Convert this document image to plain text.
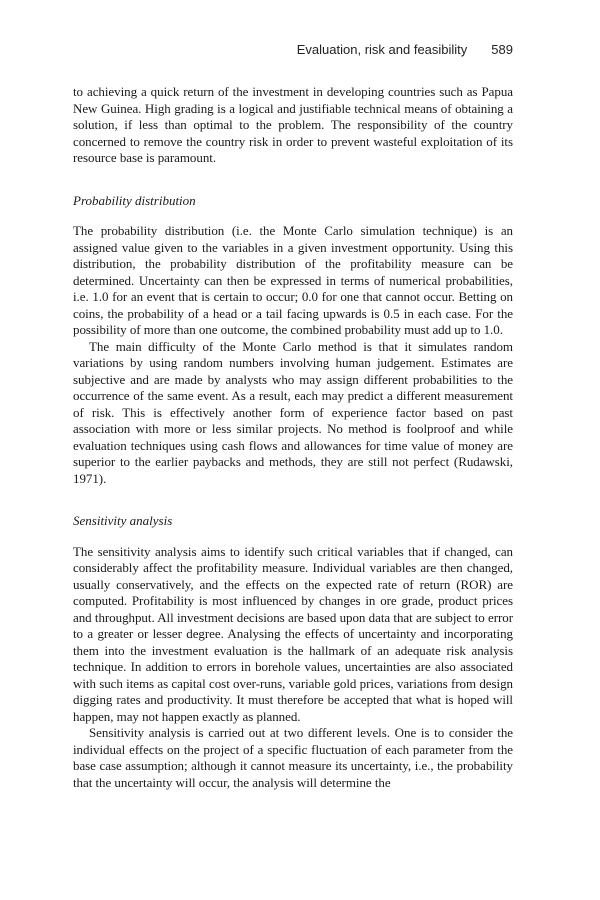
Evaluation, risk and feasibility 589

to achieving a quick return of the investment in developing countries such as Papua New Guinea. High grading is a logical and justifiable technical means of obtaining a solution, if less than optimal to the problem. The responsibility of the country concerned to remove the country risk in order to prevent wasteful exploitation of its resource base is paramount.

Probability distribution

The probability distribution (i.e. the Monte Carlo simulation technique) is an assigned value given to the variables in a given investment opportunity. Using this distribution, the probability distribution of the profitability measure can be determined. Uncertainty can then be expressed in terms of numerical probabilities, i.e. 1.0 for an event that is certain to occur; 0.0 for one that cannot occur. Betting on coins, the probability of a head or a tail facing upwards is 0.5 in each case. For the possibility of more than one outcome, the combined probability must add up to 1.0.

The main difficulty of the Monte Carlo method is that it simulates random variations by using random numbers involving human judgement. Estimates are subjective and are made by analysts who may assign different probabilities to the occurrence of the same event. As a result, each may predict a different measurement of risk. This is effectively another form of experience factor based on past association with more or less similar projects. No method is foolproof and while evaluation techniques using cash flows and allowances for time value of money are superior to the earlier paybacks and methods, they are still not perfect (Rudawski, 1971).

Sensitivity analysis

The sensitivity analysis aims to identify such critical variables that if changed, can considerably affect the profitability measure. Individual variables are then changed, usually conservatively, and the effects on the expected rate of return (ROR) are computed. Profitability is most influenced by changes in ore grade, product prices and throughput. All investment decisions are based upon data that are subject to error to a greater or lesser degree. Analysing the effects of uncertainty and incorporating them into the investment evaluation is the hallmark of an adequate risk analysis technique. In addition to errors in borehole values, uncertainties are also associated with such items as capital cost over-runs, variable gold prices, variations from design digging rates and productivity. It must therefore be accepted that what is hoped will happen, may not happen exactly as planned.

Sensitivity analysis is carried out at two different levels. One is to consider the individual effects on the project of a specific fluctuation of each parameter from the base case assumption; although it cannot measure its uncertainty, i.e., the probability that the uncertainty will occur, the analysis will determine the
